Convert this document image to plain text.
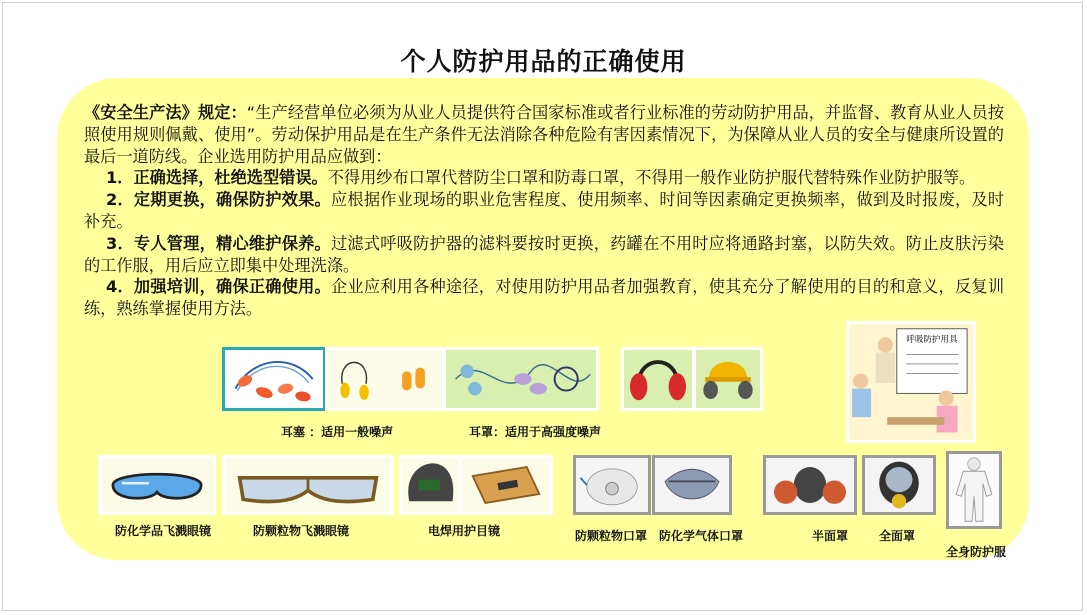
个人防护用品的正确使用

《安全生产法》规定：“生产经营单位必须为从业人员提供符合国家标准或者行业标准的劳动防护用品，并监督、教育从业人员按照使用规则佩戴、使用”。劳动保护用品是在生产条件无法消除各种危险有害因素情况下，为保障从业人员的安全与健康所设置的最后一道防线。企业选用防护用品应做到：

1．正确选择，杜绝选型错误。不得用纱布口罩代替防尘口罩和防毒口罩，不得用一般作业防护服代替特殊作业防护服等。

2．定期更换，确保防护效果。应根据作业现场的职业危害程度、使用频率、时间等因素确定更换频率，做到及时报废，及时补充。

3．专人管理，精心维护保养。过滤式呼吸防护器的滤料要按时更换，药罐在不用时应将通路封塞，以防失效。防止皮肤污染的工作服，用后应立即集中处理洗涤。

4．加强培训，确保正确使用。企业应利用各种途径，对使用防护用品者加强教育，使其充分了解使用的目的和意义，反复训练，熟练掌握使用方法。

呼吸防护用具
耳塞 ：适用一般噪声	耳罩：适用于高强度噪声
防化学品飞溅眼镜	防颗粒物飞溅眼镜	电焊用护目镜	防颗粒物口罩 防化学气体口罩	半面罩	全面罩
全身防护服
